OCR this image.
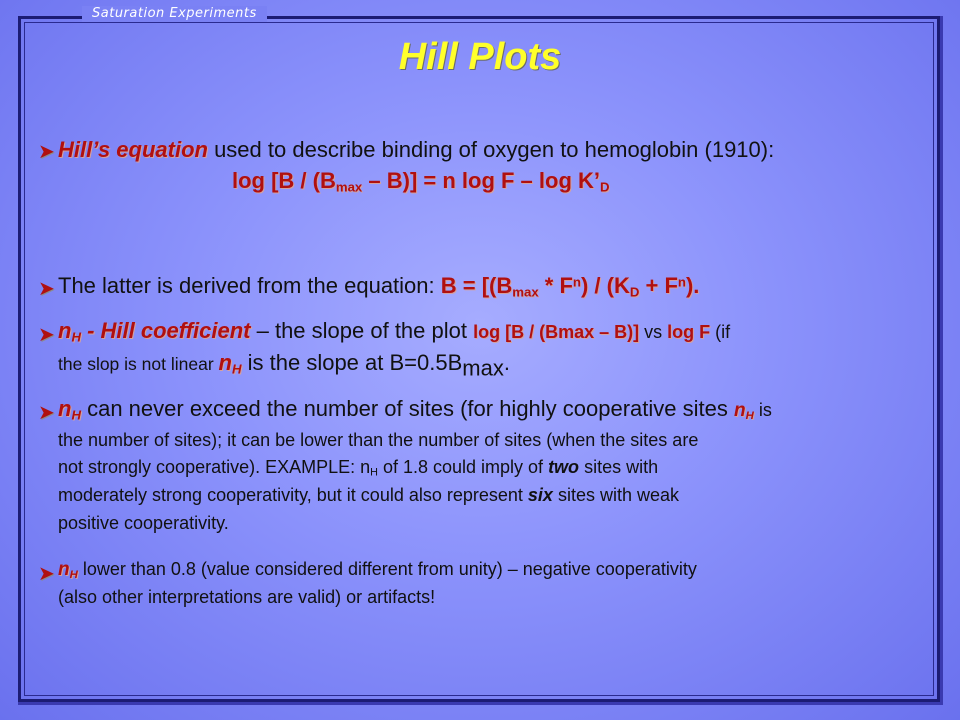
Saturation Experiments
Hill Plots
➤ Hill’s equation used to describe binding of oxygen to hemoglobin (1910):
$\log [B / (B_{max} - B)] = n$ log F – $\log K’_D$
➤ The latter is derived from the equation: $B = [(B_{max} * F^n) / (K_D + F^n)$.
➤ $n_H$ - Hill coefficient – the slope of the plot log [B / (Bmax – B)] vs log F (if
the slop is not linear $n_H$ is the slope at $B=0.5B_{max}$.
➤ $n_H$ can never exceed the number of sites (for highly cooperative sites $n_H$ is
the number of sites); it can be lower than the number of sites (when the sites are
not strongly cooperative). EXAMPLE: $n_H$ of 1.8 could imply of two sites with
moderately strong cooperativity, but it could also represent six sites with weak
positive cooperativity.
➤ $n_H$ lower than 0.8 (value considered different from unity) – negative cooperativity
(also other interpretations are valid) or artifacts!
